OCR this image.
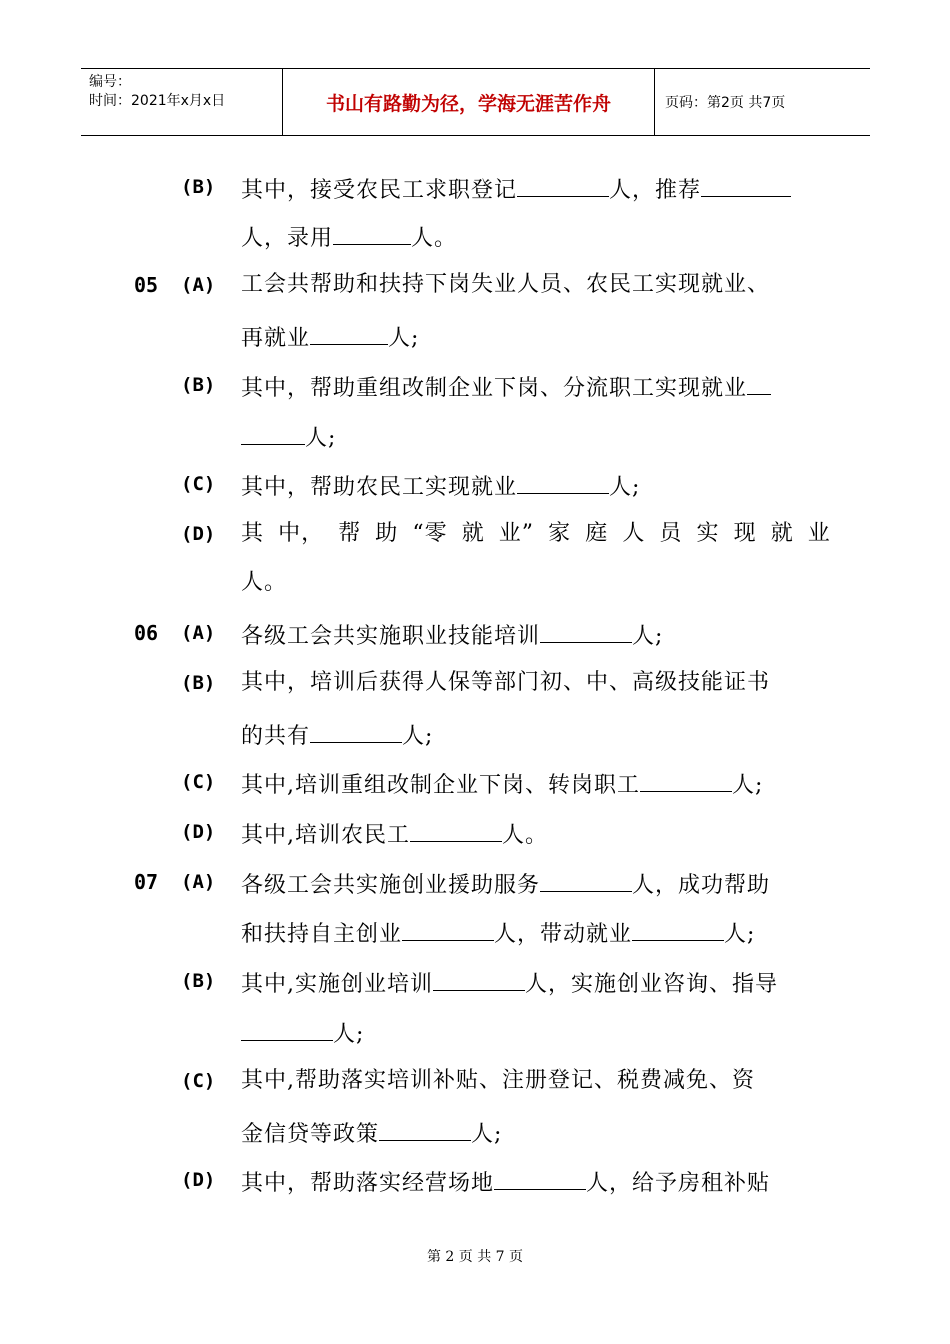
编号：
时间：2021年x月x日	书山有路勤为径，学海无涯苦作舟	页码：第2页 共7页
(B) 其中，接受农民工求职登记	人，推荐
人，录用	人。
05 (A) 工会共帮助和扶持下岗失业人员、农民工实现就业、
再就业	人;
(B) 其中，帮助重组改制企业下岗、分流职工实现就业
人;
(C) 其中，帮助农民工实现就业	人;
(D) 其 中， 帮 助 “零 就 业” 家 庭 人 员 实 现 就 业
人。
06 (A) 各级工会共实施职业技能培训	人;
(B) 其中，培训后获得人保等部门初、中、高级技能证书
的共有	人;
(C) 其中,培训重组改制企业下岗、转岗职工	人;
(D) 其中,培训农民工	人。
07 (A) 各级工会共实施创业援助服务	人，成功帮助
和扶持自主创业	人，带动就业	人;
(B) 其中,实施创业培训	人，实施创业咨询、指导
人;
(C) 其中,帮助落实培训补贴、注册登记、税费减免、资
金信贷等政策	人;
(D) 其中，帮助落实经营场地	人，给予房租补贴
第 2 页 共 7 页
